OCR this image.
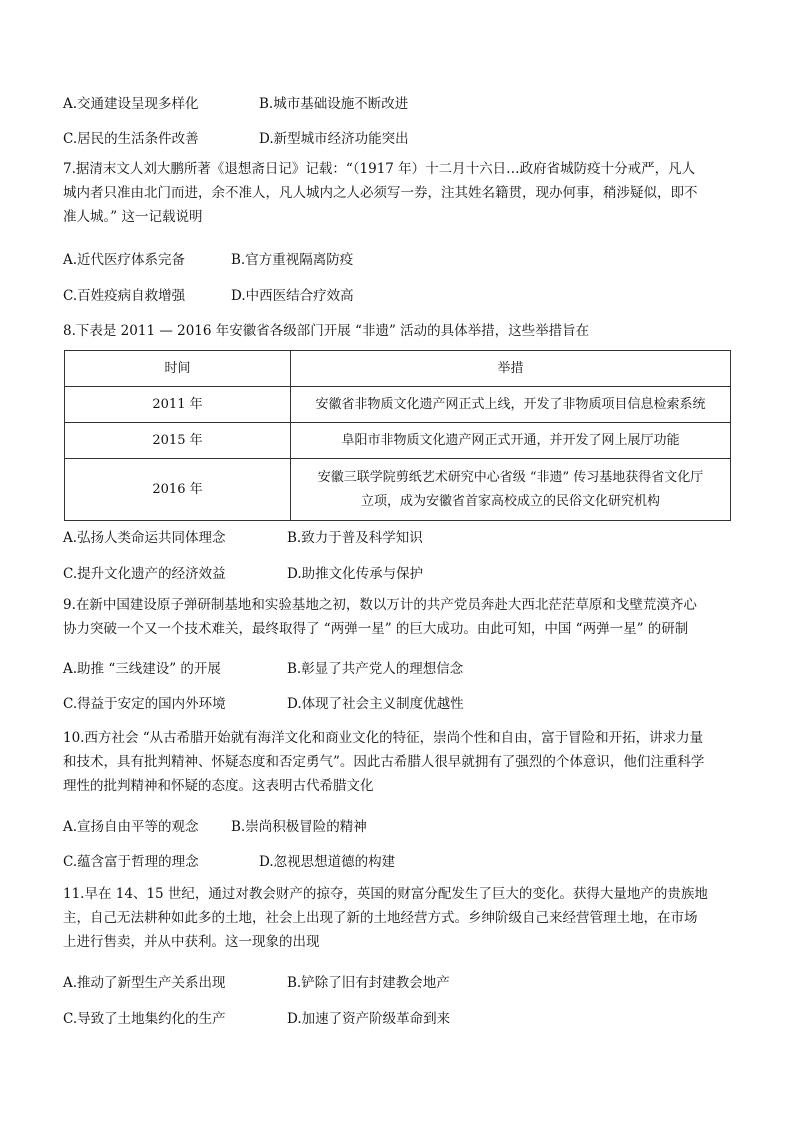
A.交通建设呈现多样化	B.城市基础设施不断改进
C.居民的生活条件改善	D.新型城市经济功能突出
7.据清末文人刘大鹏所著《退想斋日记》记载：“（1917 年）十二月十六日…政府省城防疫十分戒严，凡人
城内者只准由北门而进，余不准人，凡人城内之人必须写一券，注其姓名籍贯，现办何事，稍涉疑似，即不
准人城。” 这一记载说明
A.近代医疗体系完备	B.官方重视隔离防疫
C.百姓疫病自救增强	D.中西医结合疗效高
8.下表是 2011 — 2016 年安徽省各级部门开展 “非遗” 活动的具体举措，这些举措旨在
时间	举措
2011 年	安徽省非物质文化遗产网正式上线，开发了非物质项目信息检索系统
2015 年	阜阳市非物质文化遗产网正式开通，并开发了网上展厅功能
2016 年	安徽三联学院剪纸艺术研究中心省级 “非遗” 传习基地获得省文化厅
立项，成为安徽省首家高校成立的民俗文化研究机构
A.弘扬人类命运共同体理念	B.致力于普及科学知识
C.提升文化遗产的经济效益	D.助推文化传承与保护
9.在新中国建设原子弹研制基地和实验基地之初，数以万计的共产党员奔赴大西北茫茫草原和戈壁荒漠齐心
协力突破一个又一个技术难关，最终取得了 “两弹一星” 的巨大成功。由此可知，中国 “两弹一星” 的研制
A.助推 “三线建设” 的开展	B.彰显了共产党人的理想信念
C.得益于安定的国内外环境	D.体现了社会主义制度优越性
10.西方社会 “从古希腊开始就有海洋文化和商业文化的特征，崇尚个性和自由，富于冒险和开拓，讲求力量
和技术，具有批判精神、怀疑态度和否定勇气”。因此古希腊人很早就拥有了强烈的个体意识，他们注重科学
理性的批判精神和怀疑的态度。这表明古代希腊文化
A.宣扬自由平等的观念 B.崇尚积极冒险的精神
C.蕴含富于哲理的理念	D.忽视思想道德的构建
11.早在 14、15 世纪，通过对教会财产的掠夺，英国的财富分配发生了巨大的变化。获得大量地产的贵族地
主，自己无法耕种如此多的土地，社会上出现了新的土地经营方式。乡绅阶级自己来经营管理土地，在市场
上进行售卖，并从中获利。这一现象的出现
A.推动了新型生产关系出现	B.铲除了旧有封建教会地产
C.导致了土地集约化的生产	D.加速了资产阶级革命到来
